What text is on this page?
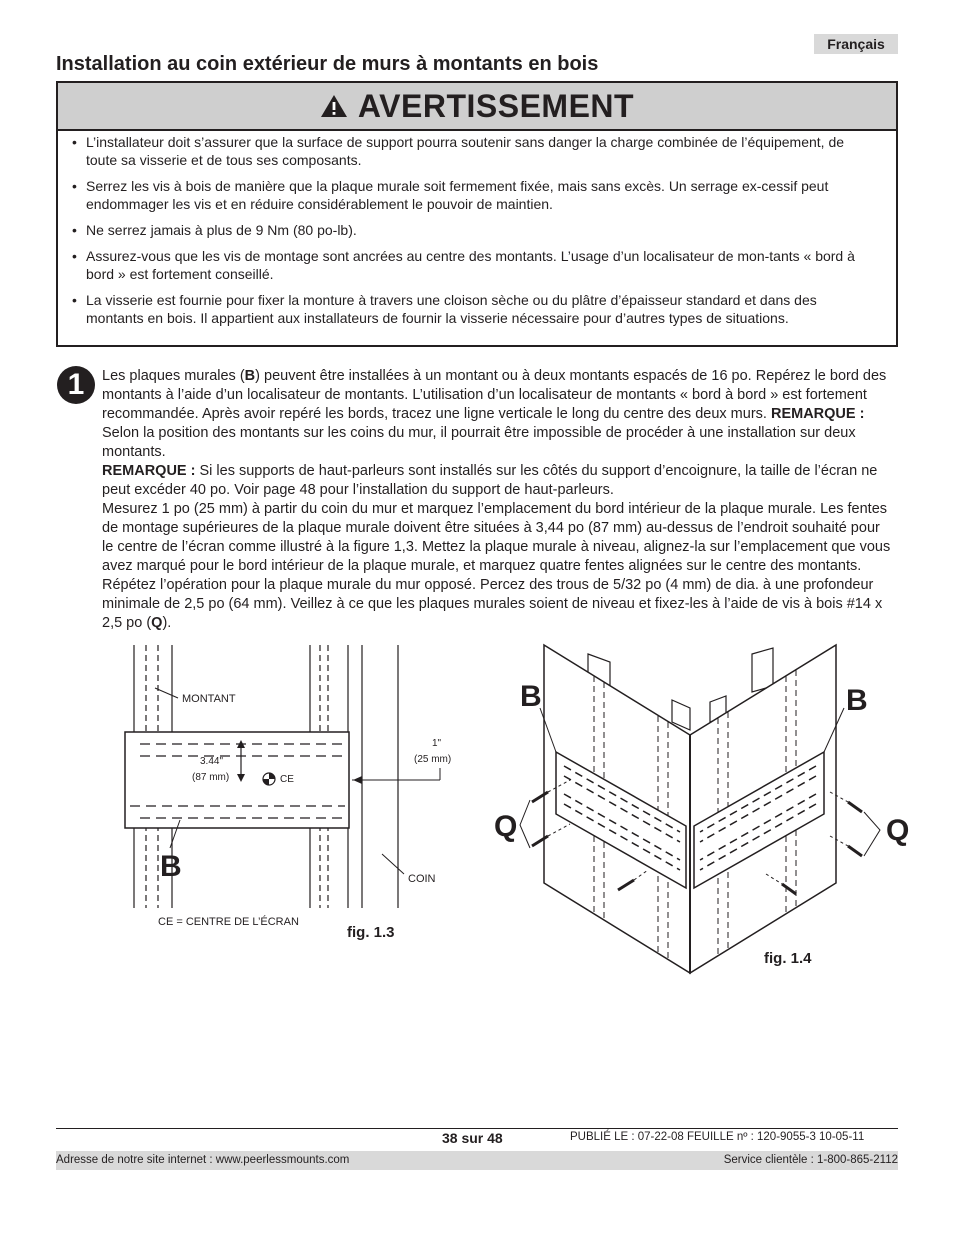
Français
Installation au coin extérieur de murs à montants en bois
AVERTISSEMENT
• L’installateur doit s’assurer que la surface de support pourra soutenir sans danger la charge combinée de l’équipement, de toute sa visserie et de tous ses composants.
• Serrez les vis à bois de manière que la plaque murale soit fermement fixée, mais sans excès. Un serrage ex-cessif peut endommager les vis et en réduire considérablement le pouvoir de maintien.
• Ne serrez jamais à plus de 9 Nm (80 po-lb).
• Assurez-vous que les vis de montage sont ancrées au centre des montants. L’usage d’un localisateur de mon-tants « bord à bord » est fortement conseillé.
• La visserie est fournie pour fixer la monture à travers une cloison sèche ou du plâtre d’épaisseur standard et dans des montants en bois. Il appartient aux installateurs de fournir la visserie nécessaire pour d’autres types de situations.
1	Les plaques murales (B) peuvent être installées à un montant ou à deux montants espacés de 16 po. Repérez le bord des montants à l’aide d’un localisateur de montants. L’utilisation d’un localisateur de montants « bord à bord » est fortement recommandée. Après avoir repéré les bords, tracez une ligne verticale le long du centre des deux murs. REMARQUE : Selon la position des montants sur les coins du mur, il pourrait être impossible de procéder à une installation sur deux montants.

REMARQUE : Si les supports de haut-parleurs sont installés sur les côtés du support d’encoignure, la taille de l’écran ne peut excéder 40 po. Voir page 48 pour l’installation du support de haut-parleurs.

Mesurez 1 po (25 mm) à partir du coin du mur et marquez l’emplacement du bord intérieur de la plaque murale. Les fentes de montage supérieures de la plaque murale doivent être situées à 3,44 po (87 mm) au-dessus de l’endroit souhaité pour le centre de l’écran comme illustré à la figure 1,3. Mettez la plaque murale à niveau, alignez-la sur l’emplacement que vous avez marqué pour le bord intérieur de la plaque murale, et marquez quatre fentes alignées sur le centre des montants. Répétez l’opération pour la plaque murale du mur opposé. Percez des trous de 5/32 po (4 mm) de dia. à une profondeur minimale de 2,5 po (64 mm). Veillez à ce que les plaques murales soient de niveau et fixez-les à l’aide de vis à bois #14 x 2,5 po (Q).

3.44"
(87 mm)	CE
MONTANT
1"
(25 mm)
B	COIN
CE = CENTRE DE L’ÉCRAN
fig. 1.3
B	B
Q	Q
fig. 1.4
38 sur 48	PUBLIÉ LE : 07-22-08 FEUILLE nº : 120-9055-3 10-05-11
Adresse de notre site internet : www.peerlessmounts.com	Service clientèle : 1-800-865-2112
